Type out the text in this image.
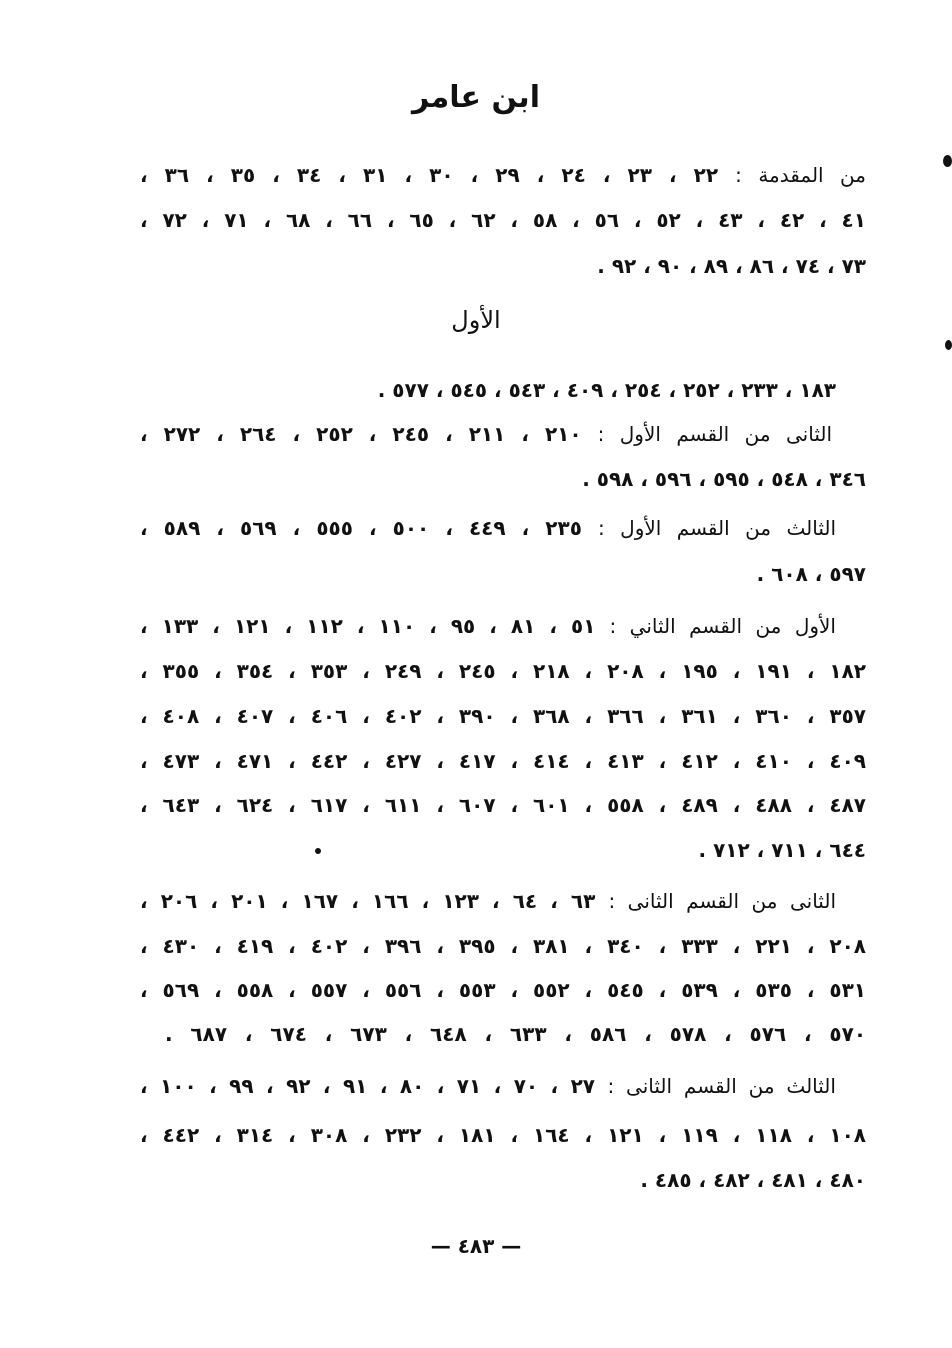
ابن عامر
من المقدمة : ٢٢ ، ٢٣ ، ٢٤ ، ٢٩ ، ٣٠ ، ٣١ ، ٣٤ ، ٣٥ ، ٣٦ ،
٤١ ، ٤٢ ، ٤٣ ، ٥٢ ، ٥٦ ، ٥٨ ، ٦٢ ، ٦٥ ، ٦٦ ، ٦٨ ، ٧١ ، ٧٢ ،
٧٣ ، ٧٤ ، ٨٦ ، ٨٩ ، ٩٠ ، ٩٢ .
الأول
١٨٣ ، ٢٣٣ ، ٢٥٢ ، ٢٥٤ ، ٤٠٩ ، ٥٤٣ ، ٥٤٥ ، ٥٧٧ .
الثانى من القسم الأول : ٢١٠ ، ٢١١ ، ٢٤٥ ، ٢٥٢ ، ٢٦٤ ، ٢٧٢ ،
٣٤٦ ، ٥٤٨ ، ٥٩٥ ، ٥٩٦ ، ٥٩٨ .
الثالث من القسم الأول : ٢٣٥ ، ٤٤٩ ، ٥٠٠ ، ٥٥٥ ، ٥٦٩ ، ٥٨٩ ،
٥٩٧ ، ٦٠٨ .
الأول من القسم الثاني : ٥١ ، ٨١ ، ٩٥ ، ١١٠ ، ١١٢ ، ١٢١ ، ١٣٣ ،
١٨٢ ، ١٩١ ، ١٩٥ ، ٢٠٨ ، ٢١٨ ، ٢٤٥ ، ٢٤٩ ، ٣٥٣ ، ٣٥٤ ، ٣٥٥ ،
٣٥٧ ، ٣٦٠ ، ٣٦١ ، ٣٦٦ ، ٣٦٨ ، ٣٩٠ ، ٤٠٢ ، ٤٠٦ ، ٤٠٧ ، ٤٠٨ ،
٤٠٩ ، ٤١٠ ، ٤١٢ ، ٤١٣ ، ٤١٤ ، ٤١٧ ، ٤٢٧ ، ٤٤٢ ، ٤٧١ ، ٤٧٣ ،
٤٨٧ ، ٤٨٨ ، ٤٨٩ ، ٥٥٨ ، ٦٠١ ، ٦٠٧ ، ٦١١ ، ٦١٧ ، ٦٢٤ ، ٦٤٣ ،
٦٤٤ ، ٧١١ ، ٧١٢ .
الثانى من القسم الثانى : ٦٣ ، ٦٤ ، ١٢٣ ، ١٦٦ ، ١٦٧ ، ٢٠١ ، ٢٠٦ ،
٢٠٨ ، ٢٢١ ، ٣٣٣ ، ٣٤٠ ، ٣٨١ ، ٣٩٥ ، ٣٩٦ ، ٤٠٢ ، ٤١٩ ، ٤٣٠ ،
٥٣١ ، ٥٣٥ ، ٥٣٩ ، ٥٤٥ ، ٥٥٢ ، ٥٥٣ ، ٥٥٦ ، ٥٥٧ ، ٥٥٨ ، ٥٦٩ ،
٥٧٠ ، ٥٧٦ ، ٥٧٨ ، ٥٨٦ ، ٦٣٣ ، ٦٤٨ ، ٦٧٣ ، ٦٧٤ ، ٦٨٧ .
الثالث من القسم الثانى : ٢٧ ، ٧٠ ، ٧١ ، ٨٠ ، ٩١ ، ٩٢ ، ٩٩ ، ١٠٠ ،
١٠٨ ، ١١٨ ، ١١٩ ، ١٢١ ، ١٦٤ ، ١٨١ ، ٢٣٢ ، ٣٠٨ ، ٣١٤ ، ٤٤٢ ،
٤٨٠ ، ٤٨١ ، ٤٨٢ ، ٤٨٥ .
— ٤٨٣ —
